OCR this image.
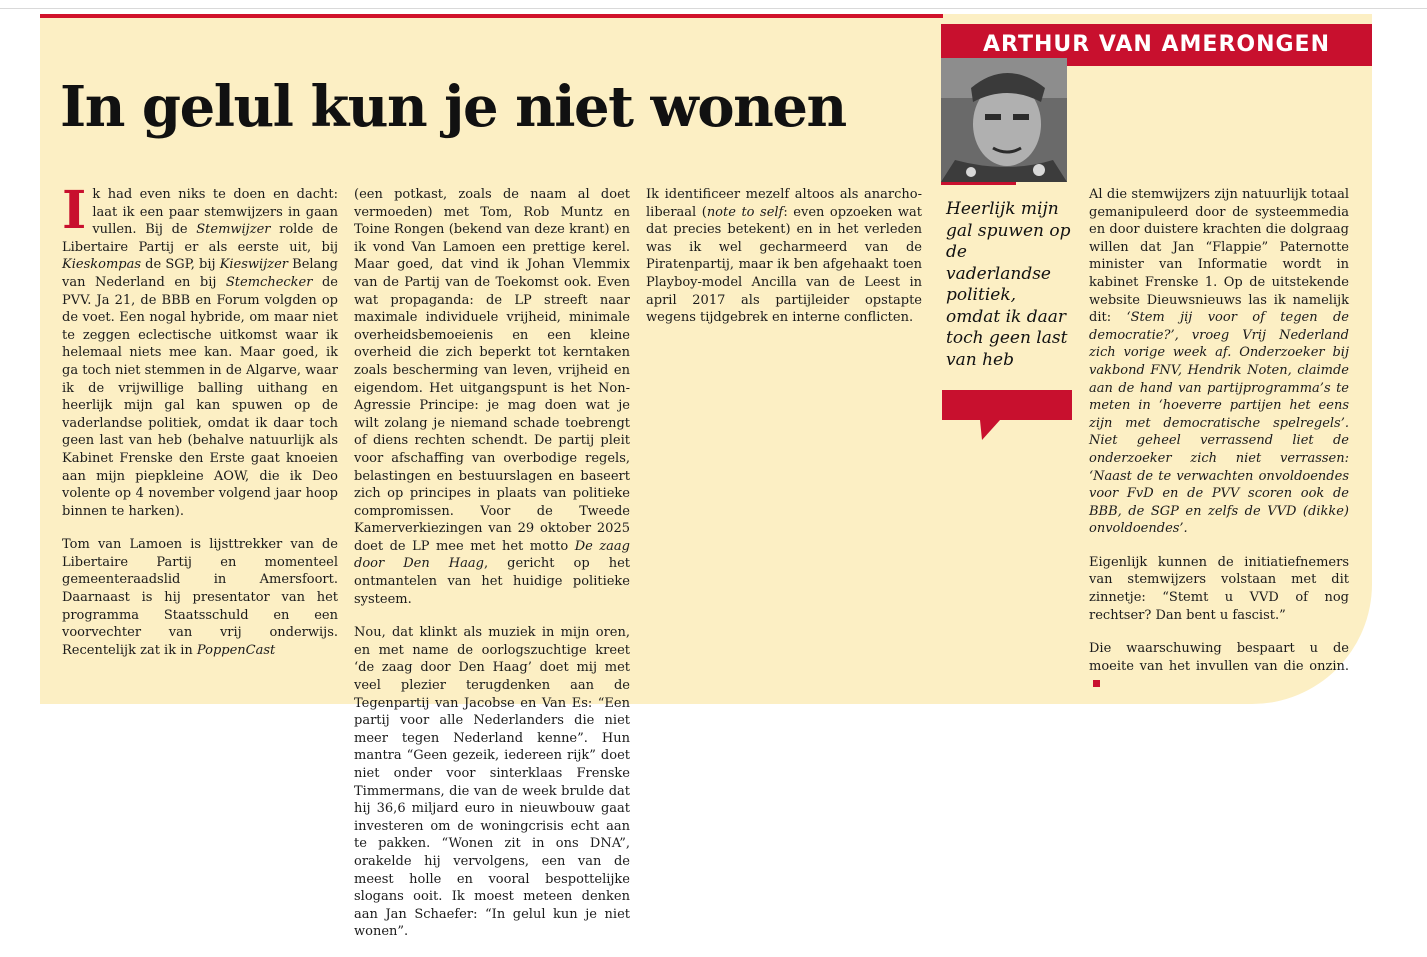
ARTHUR VAN AMERONGEN
In gelul kun je niet wonen
Heerlijk mijn gal spuwen op de vaderlandse politiek, omdat ik daar toch geen last van heb

Ik had even niks te doen en dacht: laat ik een paar stemwijzers in gaan vullen. Bij de Stemwijzer rolde de Libertaire Partij er als eerste uit, bij Kieskompas de SGP, bij Kieswijzer Belang van Nederland en bij Stemchecker de PVV. Ja 21, de BBB en Forum volgden op de voet. Een nogal hybride, om maar niet te zeggen eclectische uitkomst waar ik helemaal niets mee kan. Maar goed, ik ga toch niet stemmen in de Algarve, waar ik de vrijwillige balling uithang en heerlijk mijn gal kan spuwen op de vaderlandse politiek, omdat ik daar toch geen last van heb (behalve natuurlijk als Kabinet Frenske den Erste gaat knoeien aan mijn piepkleine AOW, die ik Deo volente op 4 november volgend jaar hoop binnen te harken).

Tom van Lamoen is lijsttrekker van de Libertaire Partij en momenteel gemeenteraadslid in Amersfoort. Daarnaast is hij presentator van het programma Staatsschuld en een voorvechter van vrij onderwijs. Recentelijk zat ik in PoppenCast

(een potkast, zoals de naam al doet vermoeden) met Tom, Rob Muntz en Toine Rongen (bekend van deze krant) en ik vond Van Lamoen een prettige kerel. Maar goed, dat vind ik Johan Vlemmix van de Partij van de Toekomst ook. Even wat propaganda: de LP streeft naar maximale individuele vrijheid, minimale overheidsbemoeienis en een kleine overheid die zich beperkt tot kerntaken zoals bescherming van leven, vrijheid en eigendom. Het uitgangspunt is het Non-Agressie Principe: je mag doen wat je wilt zolang je niemand schade toebrengt of diens rechten schendt. De partij pleit voor afschaffing van overbodige regels, belastingen en bestuurslagen en baseert zich op principes in plaats van politieke compromissen. Voor de Tweede Kamerverkiezingen van 29 oktober 2025 doet de LP mee met het motto De zaag door Den Haag, gericht op het ontmantelen van het huidige politieke systeem.

Nou, dat klinkt als muziek in mijn oren, en met name de oorlogszuchtige kreet ‘de zaag door Den Haag’ doet mij met veel plezier terugdenken aan de Tegenpartij van Jacobse en Van Es: “Een partij voor alle Nederlanders die niet meer tegen Nederland kenne”. Hun mantra “Geen gezeik, iedereen rijk” doet niet onder voor sinterklaas Frenske Timmermans, die van de week brulde dat hij 36,6 miljard euro in nieuwbouw gaat investeren om de woningcrisis echt aan te pakken. “Wonen zit in ons DNA”, orakelde hij vervolgens, een van de meest holle en vooral bespottelijke slogans ooit. Ik moest meteen denken aan Jan Schaefer: “In gelul kun je niet wonen”.

Ik identificeer mezelf altoos als anarcho-liberaal (note to self: even opzoeken wat dat precies betekent) en in het verleden was ik wel gecharmeerd van de Piratenpartij, maar ik ben afgehaakt toen Playboy-model Ancilla van de Leest in april 2017 als partijleider opstapte wegens tijdgebrek en interne conflicten.

Al die stemwijzers zijn natuurlijk totaal gemanipuleerd door de systeemmedia en door duistere krachten die dolgraag willen dat Jan “Flappie” Paternotte minister van Informatie wordt in kabinet Frenske 1. Op de uitstekende website Dieuwsnieuws las ik namelijk dit: ‘Stem jij voor of tegen de democratie?’, vroeg Vrij Nederland zich vorige week af. Onderzoeker bij vakbond FNV, Hendrik Noten, claimde aan de hand van partijprogramma’s te meten in ‘hoeverre partijen het eens zijn met democratische spelregels’. Niet geheel verrassend liet de onderzoeker zich niet verrassen: ‘Naast de te verwachten onvoldoendes voor FvD en de PVV scoren ook de BBB, de SGP en zelfs de VVD (dikke) onvoldoendes’.

Eigenlijk kunnen de initiatiefnemers van stemwijzers volstaan met dit zinnetje: “Stemt u VVD of nog rechtser? Dan bent u fascist.”

Die waarschuwing bespaart u de moeite van het invullen van die onzin.
